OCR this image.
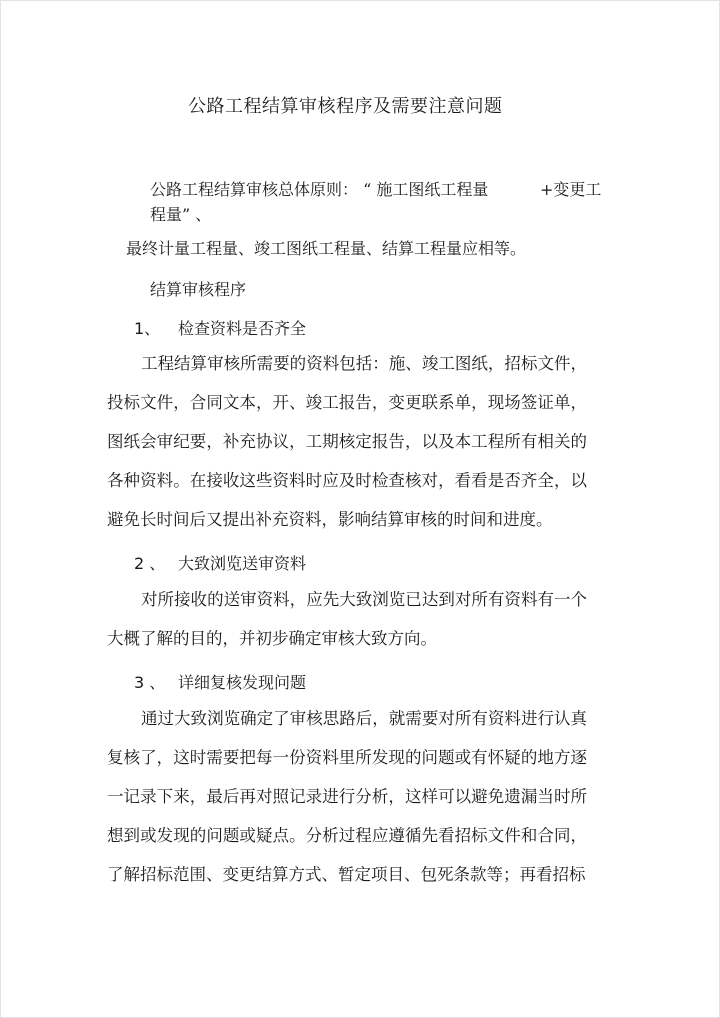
公路工程结算审核程序及需要注意问题
公路工程结算审核总体原则： “ 施工图纸工程量	+变更工
程量” 、
最终计量工程量、竣工图纸工程量、结算工程量应相等。
结算审核程序
1、 检查资料是否齐全
工程结算审核所需要的资料包括：施、竣工图纸，招标文件，投标文件，合同文本，开、竣工报告，变更联系单，现场签证单，图纸会审纪要，补充协议，工期核定报告，以及本工程所有相关的各种资料。在接收这些资料时应及时检查核对，看看是否齐全，以避免长时间后又提出补充资料，影响结算审核的时间和进度。
2 、 大致浏览送审资料
对所接收的送审资料，应先大致浏览已达到对所有资料有一个大概了解的目的，并初步确定审核大致方向。
3 、 详细复核发现问题
通过大致浏览确定了审核思路后，就需要对所有资料进行认真复核了，这时需要把每一份资料里所发现的问题或有怀疑的地方逐一记录下来，最后再对照记录进行分析，这样可以避免遗漏当时所想到或发现的问题或疑点。分析过程应遵循先看招标文件和合同，了解招标范围、变更结算方式、暂定项目、包死条款等；再看招标
